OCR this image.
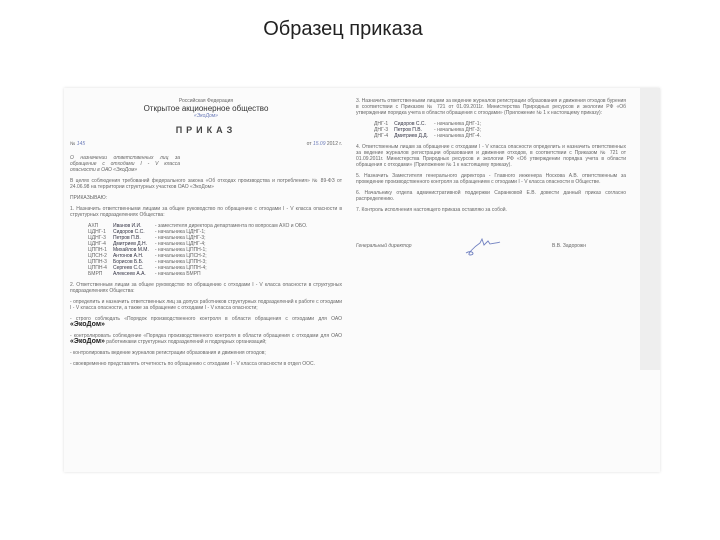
Образец приказа
Российская Федерация
Открытое акционерное общество
«ЭкоДом»
ПРИКАЗ
№ 145	от 15.09 2012 г.

О назначении ответственных лиц за обращение с отходами I - V класса опасности в ОАО «ЭкоДом»

В целях соблюдения требований федерального закона «Об отходах производства и потребления» № 89-ФЗ от 24.06.98 на территории структурных участков ОАО «ЭкоДом»

ПРИКАЗЫВАЮ:

1. Назначить ответственными лицами за общее руководство по обращению с отходами I - V класса опасности в структурных подразделениях Общества:

АХП	Иванов И.И.	- заместителя директора департамента по вопросам АХО и ОБО.
ЦДНГ-1	Сидоров С.С.	- начальника ЦДНГ-1;
ЦДНГ-3	Петров П.В.	- начальника ЦДНГ-3;
ЦДНГ-4	Дмитриев Д.Н.	- начальника ЦДНГ-4;
ЦППН-1	Михайлов М.М.	- начальника ЦППН-1;
ЦПСН-2	Антонов А.Н.	- начальника ЦПСН-2;
ЦППН-3	Борисов Б.Б.	- начальника ЦППН-3;
ЦППН-4	Сергеев С.С.	- начальника ЦППН-4;
БМРП	Алексеев А.А.	- начальника БМРП

2. Ответственным лицам за общее руководство по обращению с отходами I - V класса опасности в структурных подразделениях Общества:

- определить и назначить ответственных лиц за допуск работников структурных подразделений к работе с отходами I - V класса опасности, а также за обращение с отходами I - V класса опасности;

- строго соблюдать «Порядок производственного контроля в области обращения с отходами для ОАО «ЭкоДом»

- контролировать соблюдение «Порядка производственного контроля в области обращения с отходами для ОАО «ЭкоДом» работниками структурных подразделений и подрядных организаций;

- контролировать ведение журналов регистрации образования и движения отходов;

- своевременно представлять отчетность по обращению с отходами I - V класса опасности в отдел ООС.

3. Назначить ответственными лицами за ведение журналов регистрации образования и движения отходов бурения в соответствии с Приказом № 721 от 01.09.2011г. Министерства Природных ресурсов и экологии РФ «Об утверждении порядка учета в области обращения с отходами» (Приложение № 1 к настоящему приказу):

ДНГ-1	Сидоров С.С.	- начальника ДНГ-1;
ДНГ-3	Петров П.В.	- начальника ДНГ-3;
ДНГ-4	Дмитриев Д.Д.	- начальника ДНГ-4.

4. Ответственным лицам за обращение с отходами I - V класса опасности определить и назначить ответственных за ведение журналов регистрации образования и движения отходов, в соответствии с Приказом № 721 от 01.09.2011г. Министерства Природных ресурсов и экологии РФ «Об утверждении порядка учета в области обращения с отходами» (Приложение № 1 к настоящему приказу).

5. Назначить Заместителя генерального директора - Главного инженера Носкова А.В. ответственным за проведение производственного контроля за обращением с отходами I - V класса опасности в Обществе.

6. Начальнику отдела административной поддержки Саранковой Е.В. довести данный приказ согласно распределению.

7. Контроль исполнения настоящего приказа оставляю за собой.

Генеральный директор	В.В. Задорожн
